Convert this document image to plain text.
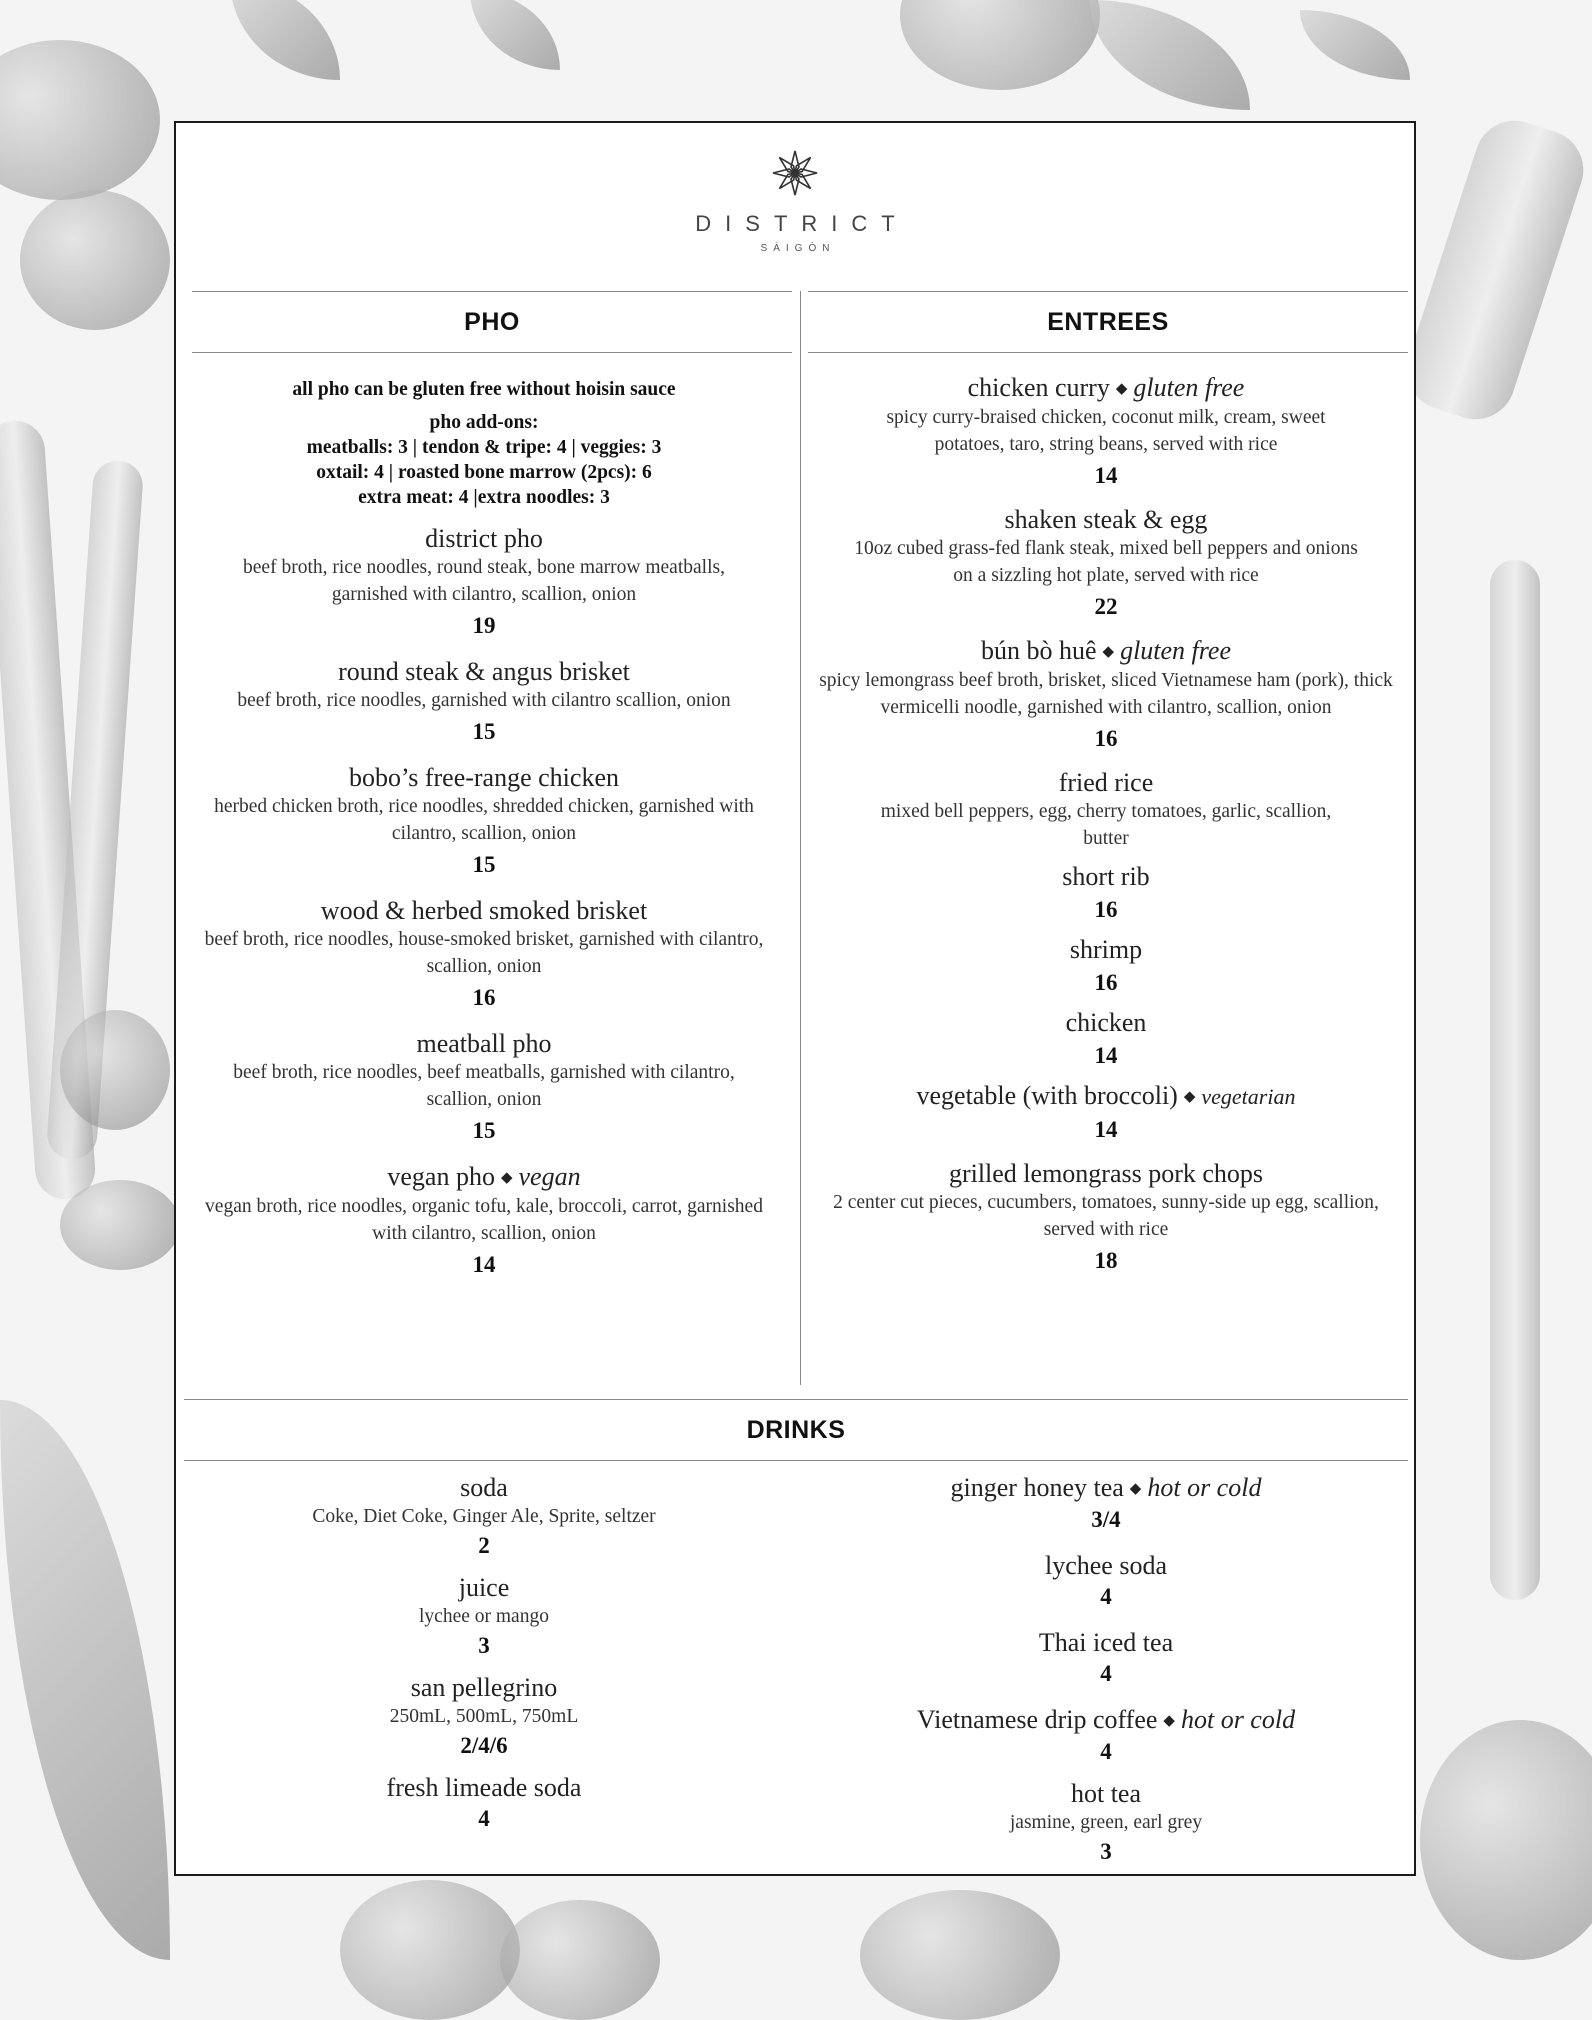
DISTRICT
SÀIGÒN
PHO
all pho can be gluten free without hoisin sauce
pho add-ons:
meatballs: 3 | tendon & tripe: 4 | veggies: 3
oxtail: 4 | roasted bone marrow (2pcs): 6
extra meat: 4 |extra noodles: 3
district pho
beef broth, rice noodles, round steak, bone marrow meatballs, garnished with cilantro, scallion, onion
19
round steak & angus brisket
beef broth, rice noodles, garnished with cilantro scallion, onion
15
bobo’s free-range chicken
herbed chicken broth, rice noodles, shredded chicken, garnished with cilantro, scallion, onion
15
wood & herbed smoked brisket
beef broth, rice noodles, house-smoked brisket, garnished with cilantro, scallion, onion
16
meatball pho
beef broth, rice noodles, beef meatballs, garnished with cilantro, scallion, onion
15
vegan pho ◆ vegan
vegan broth, rice noodles, organic tofu, kale, broccoli, carrot, garnished with cilantro, scallion, onion
14
ENTREES
chicken curry ◆ gluten free
spicy curry-braised chicken, coconut milk, cream, sweet potatoes, taro, string beans, served with rice
14
shaken steak & egg
10oz cubed grass-fed flank steak, mixed bell peppers and onions on a sizzling hot plate, served with rice
22
bún bò huê ◆ gluten free
spicy lemongrass beef broth, brisket, sliced Vietnamese ham (pork), thick vermicelli noodle, garnished with cilantro, scallion, onion
16
fried rice
mixed bell peppers, egg, cherry tomatoes, garlic, scallion, butter
short rib
16
shrimp
16
chicken
14
vegetable (with broccoli) ◆ vegetarian
14
grilled lemongrass pork chops
2 center cut pieces, cucumbers, tomatoes, sunny-side up egg, scallion, served with rice
18
DRINKS
soda
Coke, Diet Coke, Ginger Ale, Sprite, seltzer
2
juice
lychee or mango
3
san pellegrino
250mL, 500mL, 750mL
2/4/6
fresh limeade soda
4
ginger honey tea ◆ hot or cold
3/4
lychee soda
4
Thai iced tea
4
Vietnamese drip coffee ◆ hot or cold
4
hot tea
jasmine, green, earl grey
3
